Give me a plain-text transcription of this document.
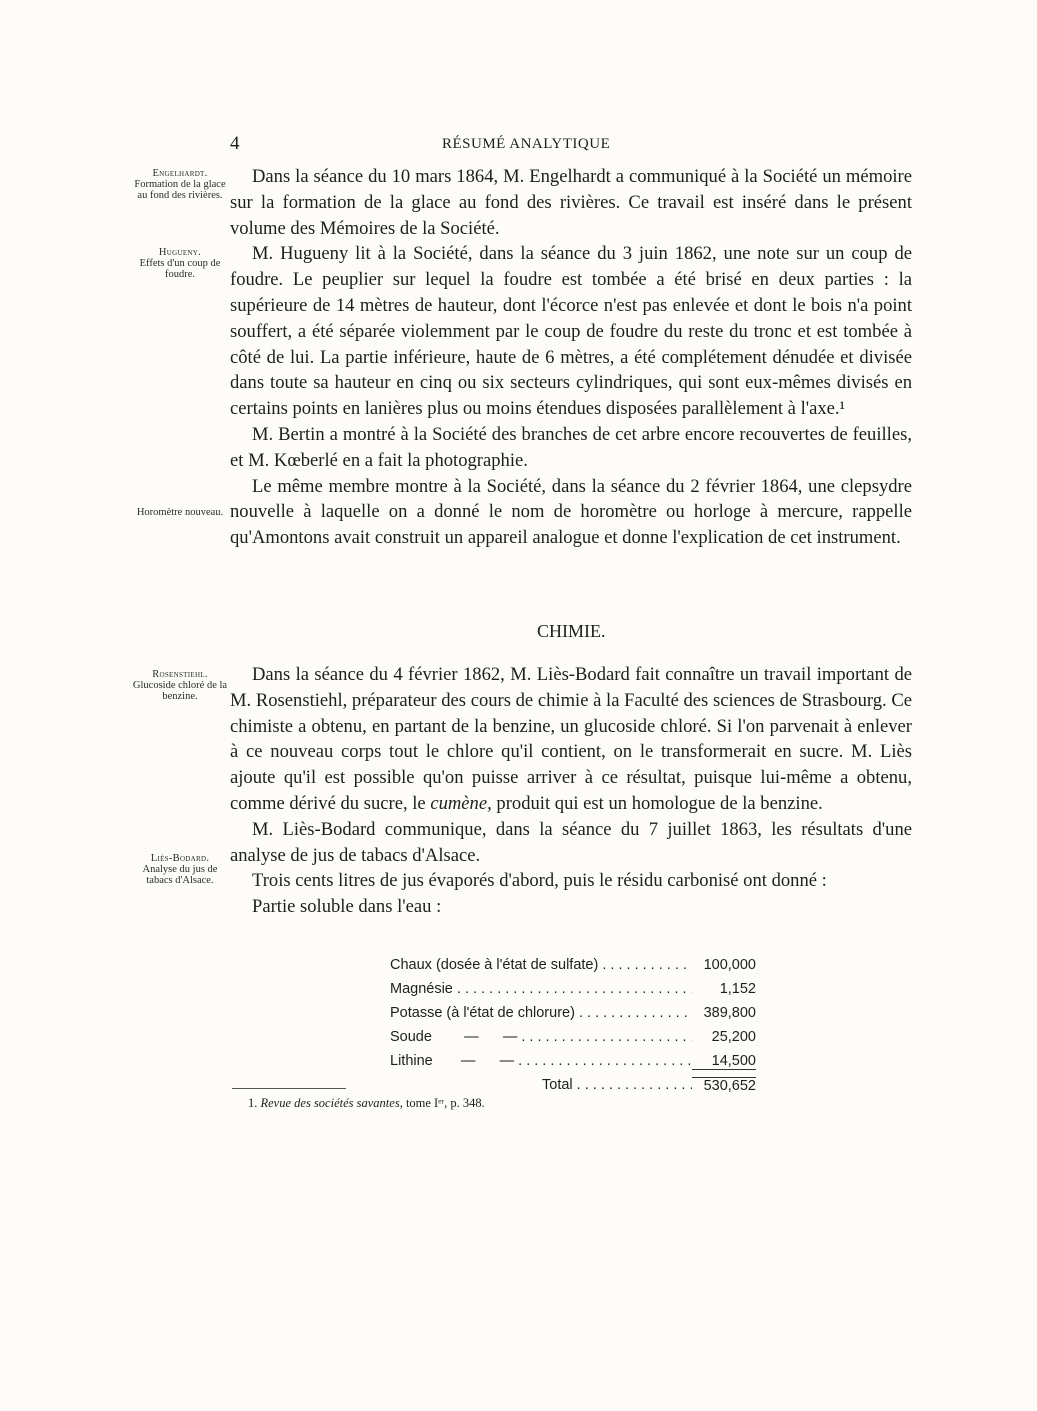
4	RÉSUMÉ ANALYTIQUE
Engelhardt.
Formation de la glace au fond des rivières.
Hugueny.
Effets d'un coup de foudre.
Horomètre nouveau.
Rosenstiehl.
Glucoside chloré de la benzine.
Liès-Bodard.
Analyse du jus de tabacs d'Alsace.

Dans la séance du 10 mars 1864, M. Engelhardt a communiqué à la Société un mémoire sur la formation de la glace au fond des rivières. Ce travail est inséré dans le présent volume des Mémoires de la Société.

M. Hugueny lit à la Société, dans la séance du 3 juin 1862, une note sur un coup de foudre. Le peuplier sur lequel la foudre est tombée a été brisé en deux parties : la supérieure de 14 mètres de hauteur, dont l'écorce n'est pas enlevée et dont le bois n'a point souffert, a été séparée violemment par le coup de foudre du reste du tronc et est tombée à côté de lui. La partie inférieure, haute de 6 mètres, a été complétement dénudée et divisée dans toute sa hauteur en cinq ou six secteurs cylindriques, qui sont eux-mêmes divisés en certains points en lanières plus ou moins étendues disposées parallèlement à l'axe.¹

M. Bertin a montré à la Société des branches de cet arbre encore recouvertes de feuilles, et M. Kœberlé en a fait la photographie.

Le même membre montre à la Société, dans la séance du 2 février 1864, une clepsydre nouvelle à laquelle on a donné le nom de horomètre ou horloge à mercure, rappelle qu'Amontons avait construit un appareil analogue et donne l'explication de cet instrument.

CHIMIE.

Dans la séance du 4 février 1862, M. Liès-Bodard fait connaître un travail important de M. Rosenstiehl, préparateur des cours de chimie à la Faculté des sciences de Strasbourg. Ce chimiste a obtenu, en partant de la benzine, un glucoside chloré. Si l'on parvenait à enlever à ce nouveau corps tout le chlore qu'il contient, on le transformerait en sucre. M. Liès ajoute qu'il est possible qu'on puisse arriver à ce résultat, puisque lui-même a obtenu, comme dérivé du sucre, le cumène, produit qui est un homologue de la benzine.

M. Liès-Bodard communique, dans la séance du 7 juillet 1863, les résultats d'une analyse de jus de tabacs d'Alsace.

Trois cents litres de jus évaporés d'abord, puis le résidu carbonisé ont donné :

Partie soluble dans l'eau :

Chaux (dosée à l'état de sulfate) . . .	100,000
Magnésie . . .	1,152
Potasse (à l'état de chlorure) . . .	389,800
Soude        —      — . . .	25,200
Lithine       —      — . . .	14,500
Total . . .	530,652
1. Revue des sociétés savantes, tome Iᵉʳ, p. 348.
